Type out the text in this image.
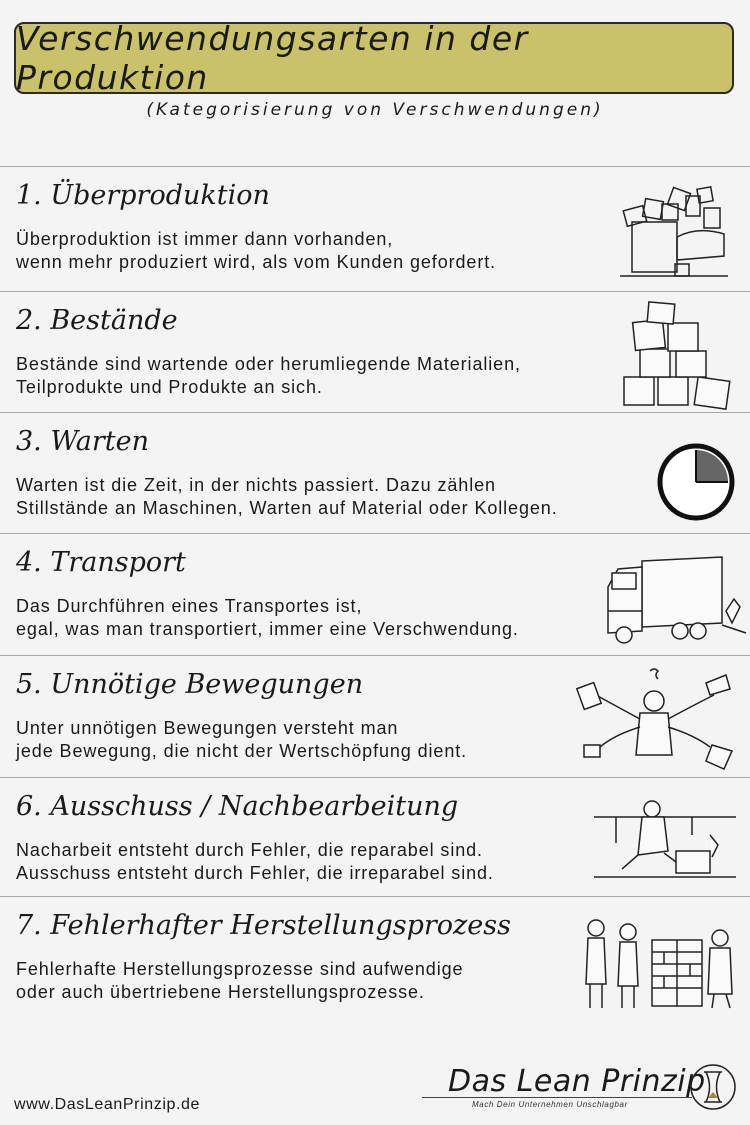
Verschwendungsarten in der Produktion
(Kategorisierung von Verschwendungen)
1. Überproduktion
Überproduktion ist immer dann vorhanden,
wenn mehr produziert wird, als vom Kunden gefordert.
2. Bestände
Bestände sind wartende oder herumliegende Materialien,
Teilprodukte und Produkte an sich.
3. Warten
Warten ist die Zeit, in der nichts passiert. Dazu zählen
Stillstände an Maschinen, Warten auf Material oder Kollegen.
4. Transport
Das Durchführen eines Transportes ist,
egal, was man transportiert, immer eine Verschwendung.
5. Unnötige Bewegungen
Unter unnötigen Bewegungen versteht man
jede Bewegung, die nicht der Wertschöpfung dient.
6. Ausschuss / Nachbearbeitung
Nacharbeit entsteht durch Fehler, die reparabel sind.
Ausschuss entsteht durch Fehler, die irreparabel sind.
7. Fehlerhafter Herstellungsprozess
Fehlerhafte Herstellungsprozesse sind aufwendige
oder auch übertriebene Herstellungsprozesse.
www.DasLeanPrinzip.de
Das Lean Prinzip
Mach Dein Unternehmen Unschlagbar
